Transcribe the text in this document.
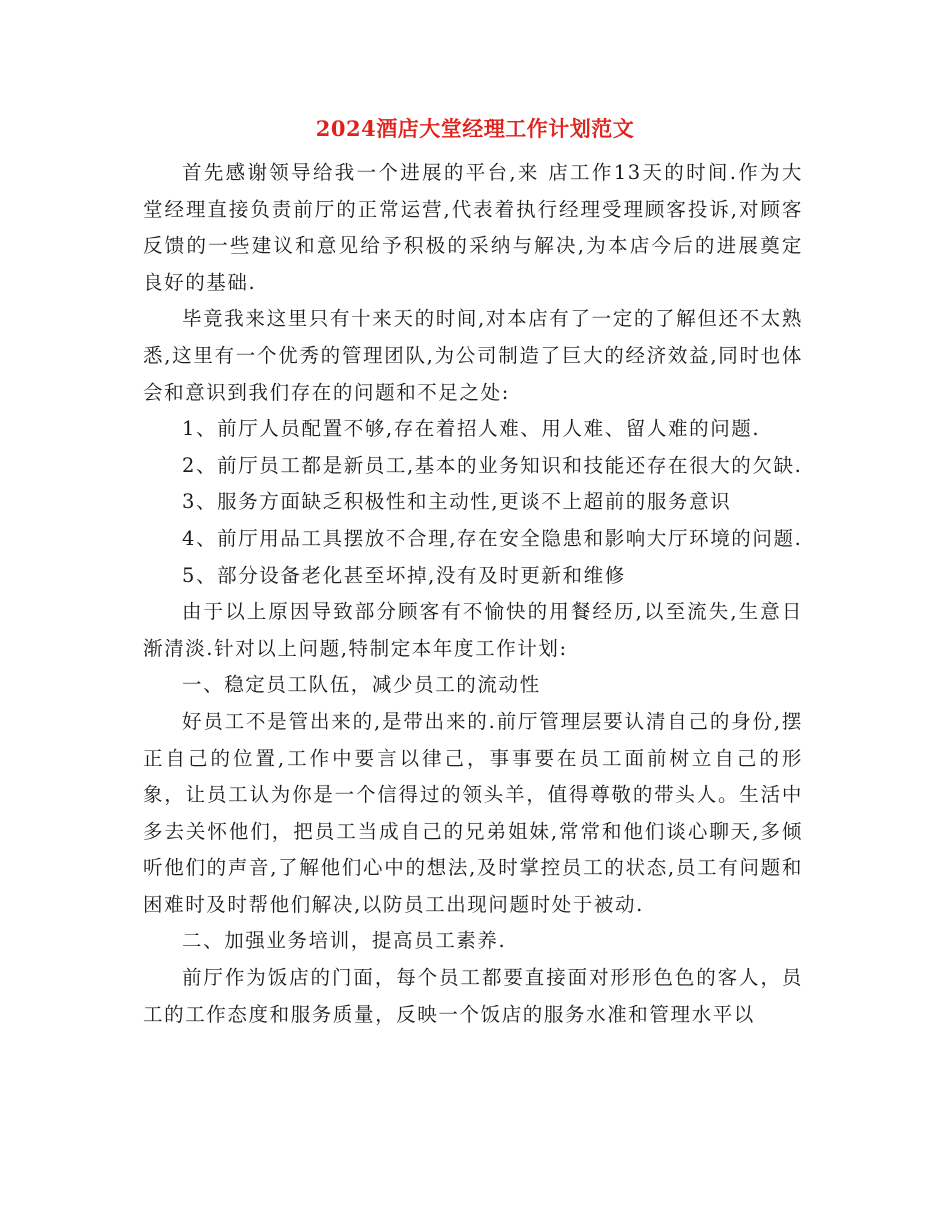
2024酒店大堂经理工作计划范文

首先感谢领导给我一个进展的平台,来 店工作13天的时间.作为大堂经理直接负责前厅的正常运营,代表着执行经理受理顾客投诉,对顾客反馈的一些建议和意见给予积极的采纳与解决,为本店今后的进展奠定良好的基础.

毕竟我来这里只有十来天的时间,对本店有了一定的了解但还不太熟悉,这里有一个优秀的管理团队,为公司制造了巨大的经济效益,同时也体会和意识到我们存在的问题和不足之处:

1、前厅人员配置不够,存在着招人难、用人难、留人难的问题.

2、前厅员工都是新员工,基本的业务知识和技能还存在很大的欠缺.

3、服务方面缺乏积极性和主动性,更谈不上超前的服务意识

4、前厅用品工具摆放不合理,存在安全隐患和影响大厅环境的问题.

5、部分设备老化甚至坏掉,没有及时更新和维修

由于以上原因导致部分顾客有不愉快的用餐经历,以至流失,生意日渐清淡.针对以上问题,特制定本年度工作计划:

一、稳定员工队伍，减少员工的流动性

好员工不是管出来的,是带出来的.前厅管理层要认清自己的身份,摆正自己的位置,工作中要言以律己，事事要在员工面前树立自己的形象，让员工认为你是一个信得过的领头羊，值得尊敬的带头人。生活中多去关怀他们，把员工当成自己的兄弟姐妹,常常和他们谈心聊天,多倾听他们的声音,了解他们心中的想法,及时掌控员工的状态,员工有问题和困难时及时帮他们解决,以防员工出现问题时处于被动.

二、加强业务培训，提高员工素养.

前厅作为饭店的门面，每个员工都要直接面对形形色色的客人，员工的工作态度和服务质量，反映一个饭店的服务水准和管理水平以
